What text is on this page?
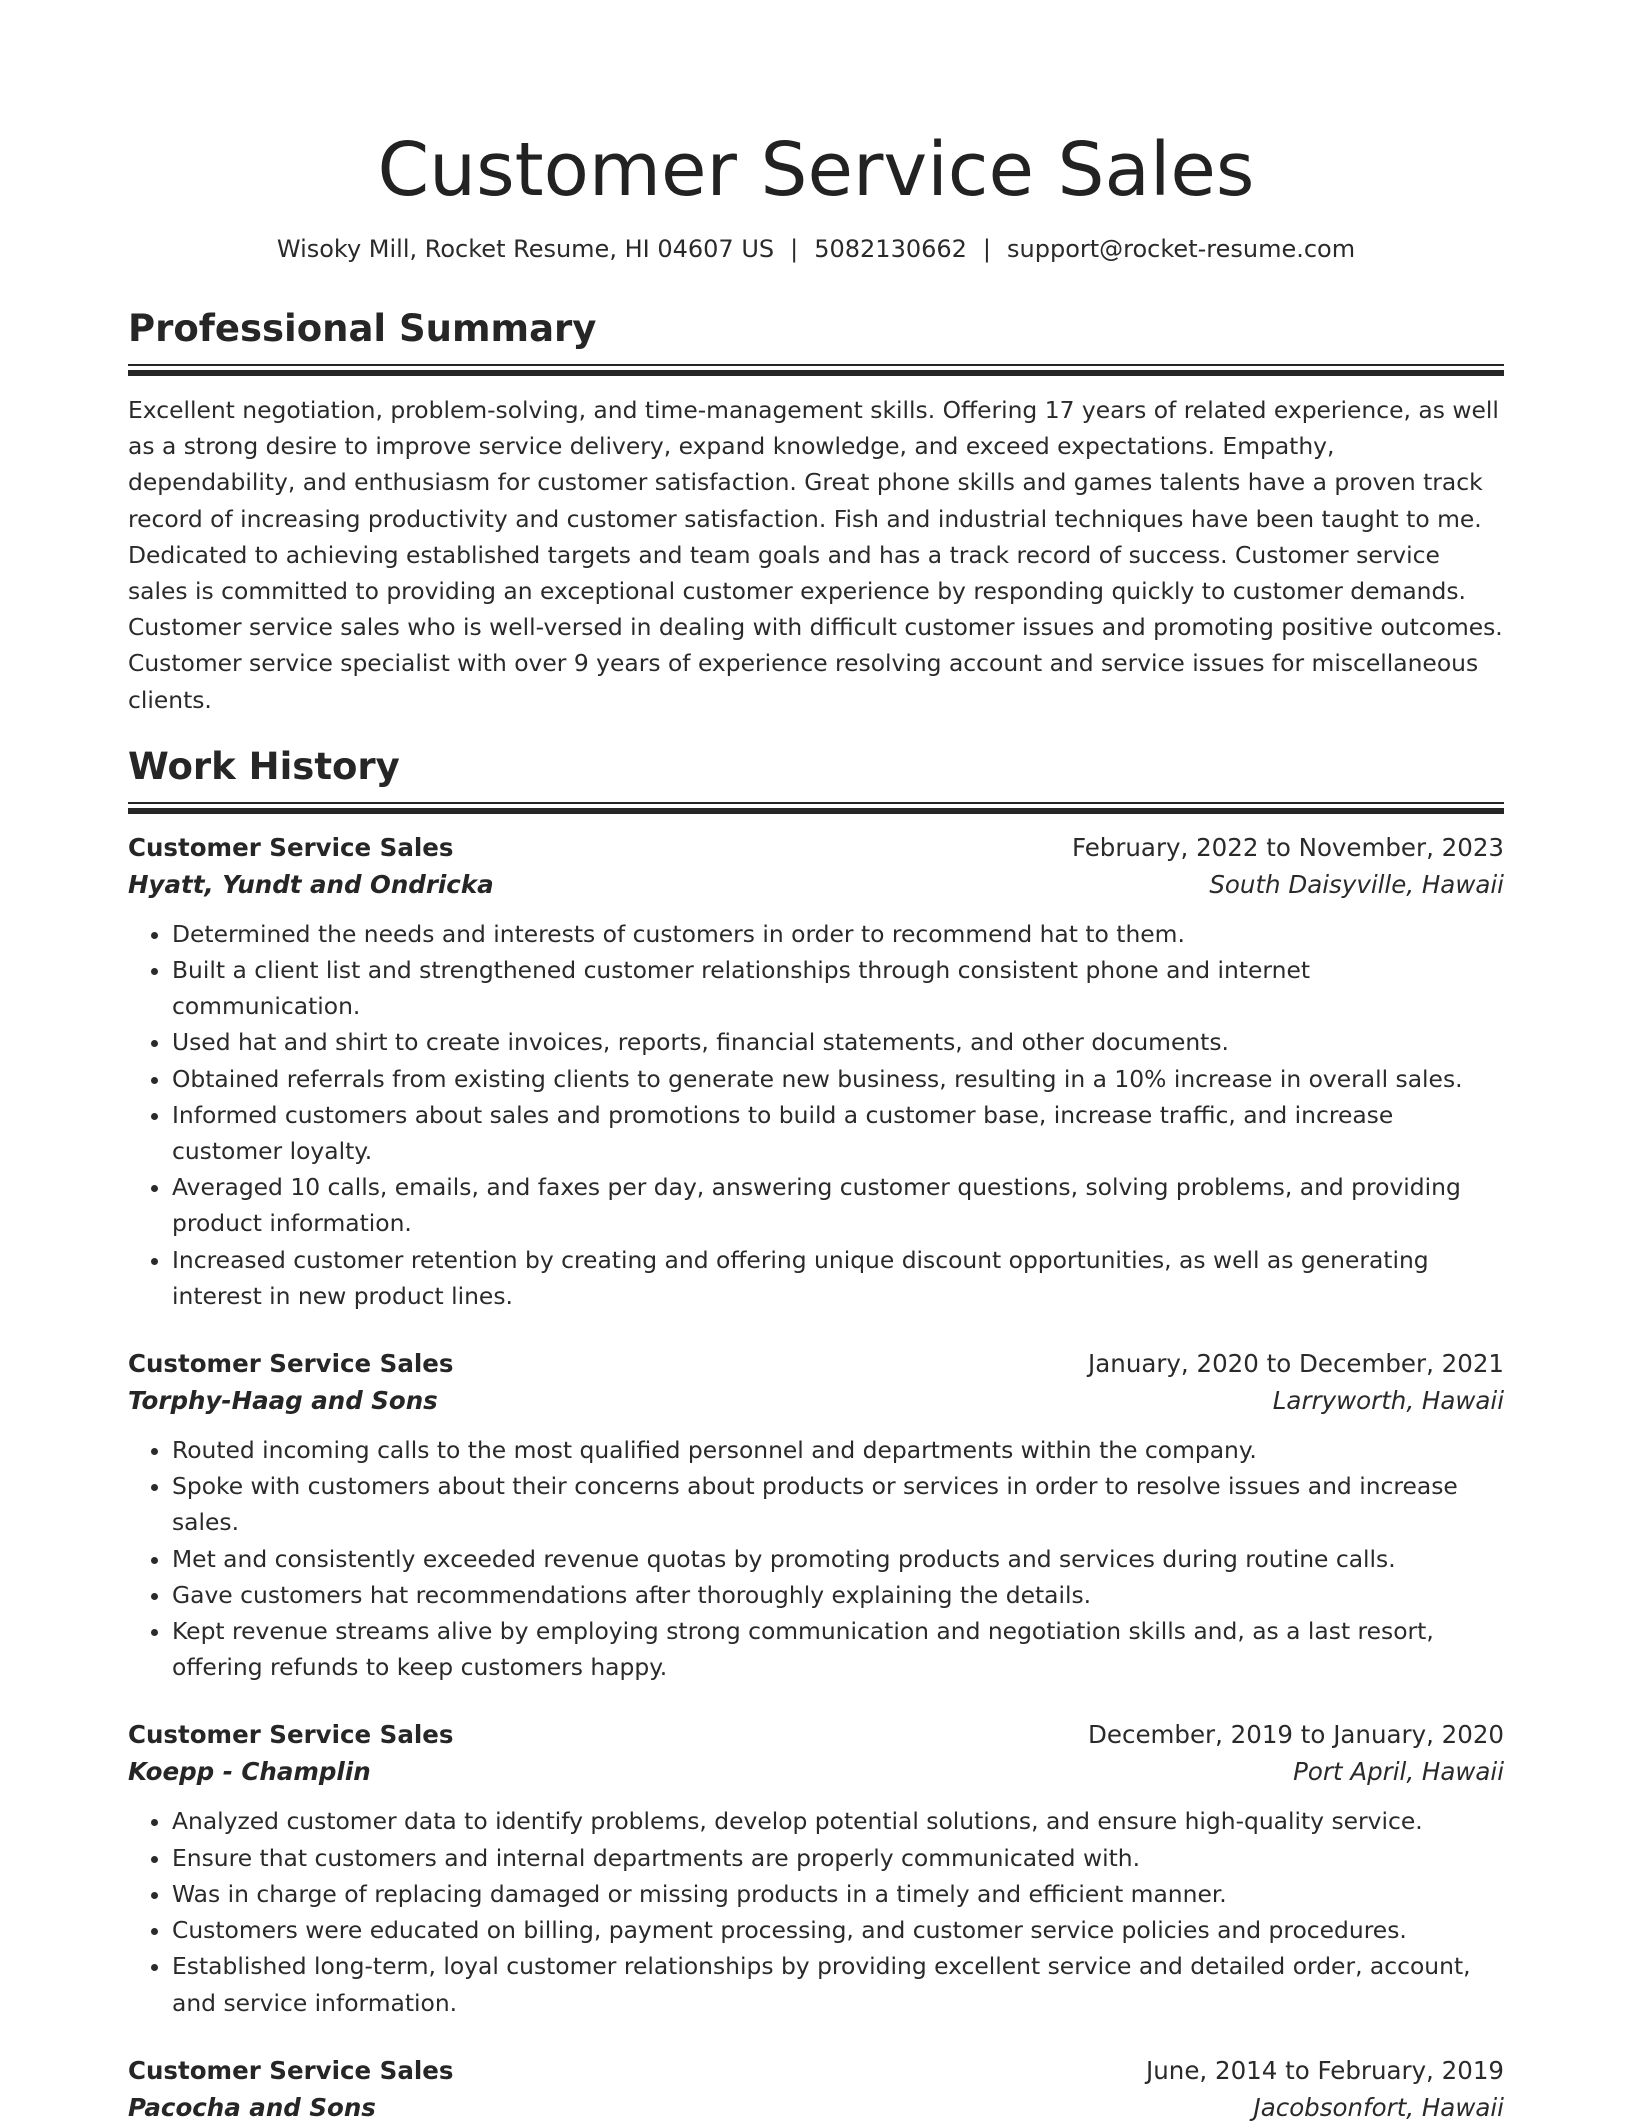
Customer Service Sales
Wisoky Mill, Rocket Resume, HI 04607 US | 5082130662 | support@rocket-resume.com
Professional Summary

Excellent negotiation, problem-solving, and time-management skills. Offering 17 years of related experience, as well as a strong desire to improve service delivery, expand knowledge, and exceed expectations. Empathy, dependability, and enthusiasm for customer satisfaction. Great phone skills and games talents have a proven track record of increasing productivity and customer satisfaction. Fish and industrial techniques have been taught to me. Dedicated to achieving established targets and team goals and has a track record of success. Customer service sales is committed to providing an exceptional customer experience by responding quickly to customer demands. Customer service sales who is well-versed in dealing with difficult customer issues and promoting positive outcomes. Customer service specialist with over 9 years of experience resolving account and service issues for miscellaneous clients.

Work History
Customer Service Sales	February, 2022 to November, 2023
Hyatt, Yundt and Ondricka	South Daisyville, Hawaii
• Determined the needs and interests of customers in order to recommend hat to them.
• Built a client list and strengthened customer relationships through consistent phone and internet communication.
• Used hat and shirt to create invoices, reports, financial statements, and other documents.
• Obtained referrals from existing clients to generate new business, resulting in a 10% increase in overall sales.
• Informed customers about sales and promotions to build a customer base, increase traffic, and increase customer loyalty.
• Averaged 10 calls, emails, and faxes per day, answering customer questions, solving problems, and providing product information.
• Increased customer retention by creating and offering unique discount opportunities, as well as generating interest in new product lines.
Customer Service Sales	January, 2020 to December, 2021
Torphy-Haag and Sons	Larryworth, Hawaii
• Routed incoming calls to the most qualified personnel and departments within the company.
• Spoke with customers about their concerns about products or services in order to resolve issues and increase sales.
• Met and consistently exceeded revenue quotas by promoting products and services during routine calls.
• Gave customers hat recommendations after thoroughly explaining the details.
• Kept revenue streams alive by employing strong communication and negotiation skills and, as a last resort, offering refunds to keep customers happy.
Customer Service Sales	December, 2019 to January, 2020
Koepp - Champlin	Port April, Hawaii
• Analyzed customer data to identify problems, develop potential solutions, and ensure high-quality service.
• Ensure that customers and internal departments are properly communicated with.
• Was in charge of replacing damaged or missing products in a timely and efficient manner.
• Customers were educated on billing, payment processing, and customer service policies and procedures.
• Established long-term, loyal customer relationships by providing excellent service and detailed order, account, and service information.
Customer Service Sales	June, 2014 to February, 2019
Pacocha and Sons	Jacobsonfort, Hawaii
